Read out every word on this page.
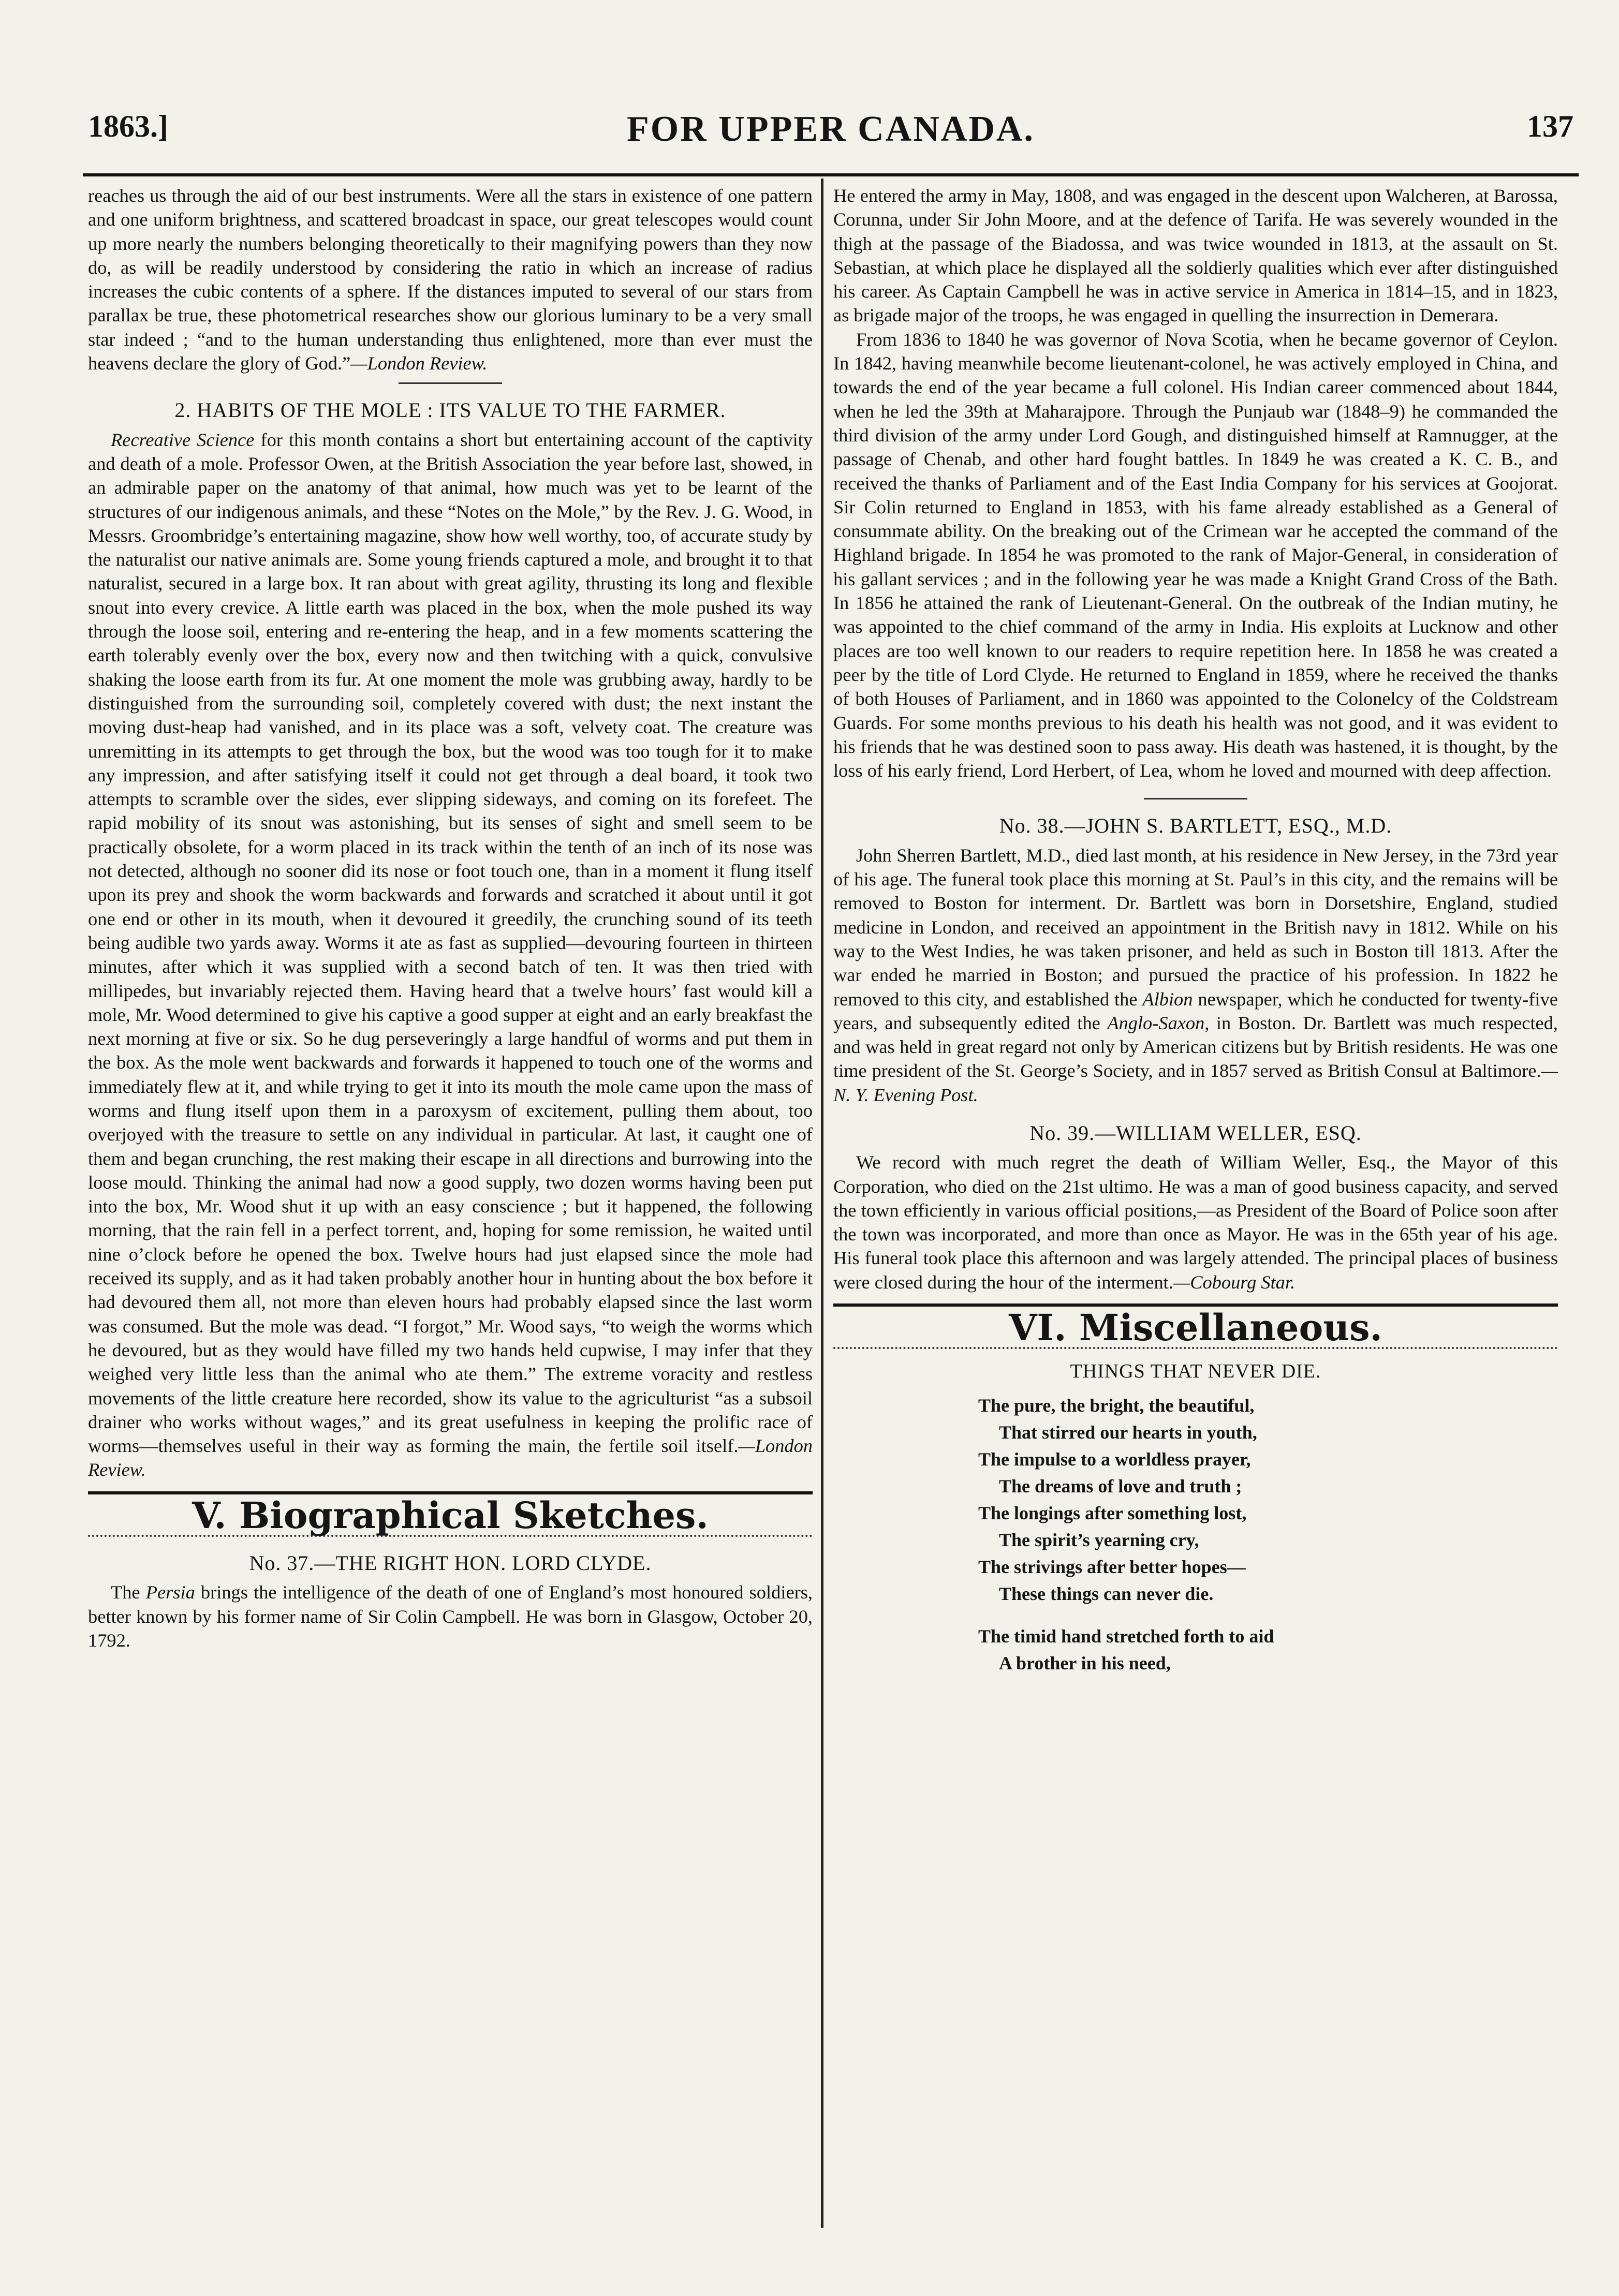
FOR UPPER CANADA.
1863.]	137

reaches us through the aid of our best instruments. Were all the stars in existence of one pattern and one uniform brightness, and scattered broadcast in space, our great telescopes would count up more nearly the numbers belonging theoretically to their magnifying powers than they now do, as will be readily understood by considering the ratio in which an increase of radius increases the cubic contents of a sphere. If the distances imputed to several of our stars from parallax be true, these photometrical researches show our glorious luminary to be a very small star indeed ; “and to the human understanding thus enlightened, more than ever must the heavens declare the glory of God.”—London Review.

2. HABITS OF THE MOLE : ITS VALUE TO THE FARMER.

Recreative Science for this month contains a short but entertaining account of the captivity and death of a mole. Professor Owen, at the British Association the year before last, showed, in an admirable paper on the anatomy of that animal, how much was yet to be learnt of the structures of our indigenous animals, and these “Notes on the Mole,” by the Rev. J. G. Wood, in Messrs. Groombridge’s entertaining magazine, show how well worthy, too, of accurate study by the naturalist our native animals are. Some young friends captured a mole, and brought it to that naturalist, secured in a large box. It ran about with great agility, thrusting its long and flexible snout into every crevice. A little earth was placed in the box, when the mole pushed its way through the loose soil, entering and re-entering the heap, and in a few moments scattering the earth tolerably evenly over the box, every now and then twitching with a quick, convulsive shaking the loose earth from its fur. At one moment the mole was grubbing away, hardly to be distinguished from the surrounding soil, completely covered with dust; the next instant the moving dust-heap had vanished, and in its place was a soft, velvety coat. The creature was unremitting in its attempts to get through the box, but the wood was too tough for it to make any impression, and after satisfying itself it could not get through a deal board, it took two attempts to scramble over the sides, ever slipping sideways, and coming on its forefeet. The rapid mobility of its snout was astonishing, but its senses of sight and smell seem to be practically obsolete, for a worm placed in its track within the tenth of an inch of its nose was not detected, although no sooner did its nose or foot touch one, than in a moment it flung itself upon its prey and shook the worm backwards and forwards and scratched it about until it got one end or other in its mouth, when it devoured it greedily, the crunching sound of its teeth being audible two yards away. Worms it ate as fast as supplied—devouring fourteen in thirteen minutes, after which it was supplied with a second batch of ten. It was then tried with millipedes, but invariably rejected them. Having heard that a twelve hours’ fast would kill a mole, Mr. Wood determined to give his captive a good supper at eight and an early breakfast the next morning at five or six. So he dug perseveringly a large handful of worms and put them in the box. As the mole went backwards and forwards it happened to touch one of the worms and immediately flew at it, and while trying to get it into its mouth the mole came upon the mass of worms and flung itself upon them in a paroxysm of excitement, pulling them about, too overjoyed with the treasure to settle on any individual in particular. At last, it caught one of them and began crunching, the rest making their escape in all directions and burrowing into the loose mould. Thinking the animal had now a good supply, two dozen worms having been put into the box, Mr. Wood shut it up with an easy conscience ; but it happened, the following morning, that the rain fell in a perfect torrent, and, hoping for some remission, he waited until nine o’clock before he opened the box. Twelve hours had just elapsed since the mole had received its supply, and as it had taken probably another hour in hunting about the box before it had devoured them all, not more than eleven hours had probably elapsed since the last worm was consumed. But the mole was dead. “I forgot,” Mr. Wood says, “to weigh the worms which he devoured, but as they would have filled my two hands held cupwise, I may infer that they weighed very little less than the animal who ate them.” The extreme voracity and restless movements of the little creature here recorded, show its value to the agriculturist “as a subsoil drainer who works without wages,” and its great usefulness in keeping the prolific race of worms—themselves useful in their way as forming the main, the fertile soil itself.—London Review.

V. Biographical Sketches.
No. 37.—THE RIGHT HON. LORD CLYDE.

The Persia brings the intelligence of the death of one of England’s most honoured soldiers, better known by his former name of Sir Colin Campbell. He was born in Glasgow, October 20, 1792.

He entered the army in May, 1808, and was engaged in the descent upon Walcheren, at Barossa, Corunna, under Sir John Moore, and at the defence of Tarifa. He was severely wounded in the thigh at the passage of the Biadossa, and was twice wounded in 1813, at the assault on St. Sebastian, at which place he displayed all the soldierly qualities which ever after distinguished his career. As Captain Campbell he was in active service in America in 1814–15, and in 1823, as brigade major of the troops, he was engaged in quelling the insurrection in Demerara.

From 1836 to 1840 he was governor of Nova Scotia, when he became governor of Ceylon. In 1842, having meanwhile become lieutenant-colonel, he was actively employed in China, and towards the end of the year became a full colonel. His Indian career commenced about 1844, when he led the 39th at Maharajpore. Through the Punjaub war (1848–9) he commanded the third division of the army under Lord Gough, and distinguished himself at Ramnugger, at the passage of Chenab, and other hard fought battles. In 1849 he was created a K. C. B., and received the thanks of Parliament and of the East India Company for his services at Goojorat. Sir Colin returned to England in 1853, with his fame already established as a General of consummate ability. On the breaking out of the Crimean war he accepted the command of the Highland brigade. In 1854 he was promoted to the rank of Major-General, in consideration of his gallant services ; and in the following year he was made a Knight Grand Cross of the Bath. In 1856 he attained the rank of Lieutenant-General. On the outbreak of the Indian mutiny, he was appointed to the chief command of the army in India. His exploits at Lucknow and other places are too well known to our readers to require repetition here. In 1858 he was created a peer by the title of Lord Clyde. He returned to England in 1859, where he received the thanks of both Houses of Parliament, and in 1860 was appointed to the Colonelcy of the Coldstream Guards. For some months previous to his death his health was not good, and it was evident to his friends that he was destined soon to pass away. His death was hastened, it is thought, by the loss of his early friend, Lord Herbert, of Lea, whom he loved and mourned with deep affection.

No. 38.—JOHN S. BARTLETT, ESQ., M.D.

John Sherren Bartlett, M.D., died last month, at his residence in New Jersey, in the 73rd year of his age. The funeral took place this morning at St. Paul’s in this city, and the remains will be removed to Boston for interment. Dr. Bartlett was born in Dorsetshire, England, studied medicine in London, and received an appointment in the British navy in 1812. While on his way to the West Indies, he was taken prisoner, and held as such in Boston till 1813. After the war ended he married in Boston; and pursued the practice of his profession. In 1822 he removed to this city, and established the Albion newspaper, which he conducted for twenty-five years, and subsequently edited the Anglo-Saxon, in Boston. Dr. Bartlett was much respected, and was held in great regard not only by American citizens but by British residents. He was one time president of the St. George’s Society, and in 1857 served as British Consul at Baltimore.—N. Y. Evening Post.

No. 39.—WILLIAM WELLER, ESQ.

We record with much regret the death of William Weller, Esq., the Mayor of this Corporation, who died on the 21st ultimo. He was a man of good business capacity, and served the town efficiently in various official positions,—as President of the Board of Police soon after the town was incorporated, and more than once as Mayor. He was in the 65th year of his age. His funeral took place this afternoon and was largely attended. The principal places of business were closed during the hour of the interment.—Cobourg Star.

VI. Miscellaneous.
THINGS THAT NEVER DIE.
The pure, the bright, the beautiful,
That stirred our hearts in youth,
The impulse to a worldless prayer,
The dreams of love and truth ;
The longings after something lost,
The spirit’s yearning cry,
The strivings after better hopes—
These things can never die.
The timid hand stretched forth to aid
A brother in his need,
